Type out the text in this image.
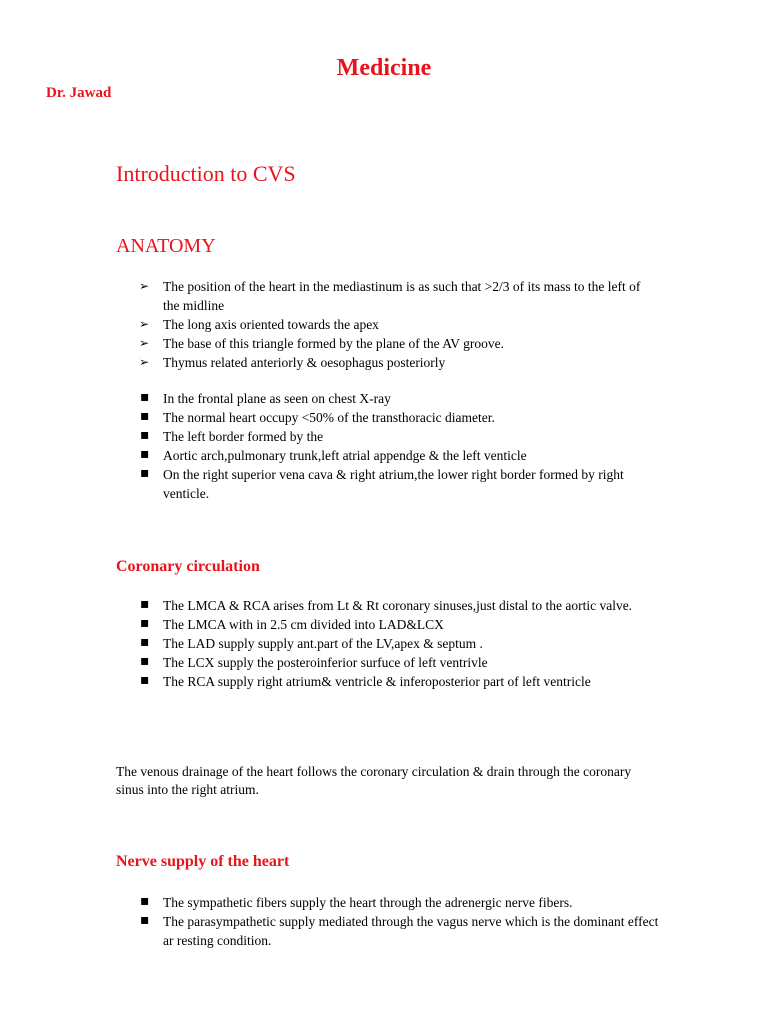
Medicine
Dr. Jawad
Introduction to CVS
ANATOMY
➢ The position of the heart in the mediastinum is as such that >2/3 of its mass to the left of the midline
➢ The long axis oriented towards the apex
➢ The base of this triangle formed by the plane of the AV groove.
➢ Thymus related anteriorly & oesophagus posteriorly
▪ In the frontal plane as seen on chest X-ray
▪ The normal heart occupy <50% of the transthoracic diameter.
▪ The left border formed by the
▪ Aortic arch,pulmonary trunk,left atrial appendge & the left venticle
▪ On the right superior vena cava & right atrium,the lower right border formed by right venticle.
Coronary circulation
▪ The LMCA & RCA arises from Lt & Rt coronary sinuses,just distal to the aortic valve.
▪ The LMCA with in 2.5 cm divided into LAD&LCX
▪ The LAD supply supply ant.part of the LV,apex & septum .
▪ The LCX supply the posteroinferior surfuce of left ventrivle
▪ The RCA supply right atrium& ventricle & inferoposterior part of left ventricle
The venous drainage of the heart follows the coronary circulation & drain through the coronary sinus into the right atrium.
Nerve supply of the heart
▪ The sympathetic fibers supply the heart through the adrenergic nerve fibers.
▪ The parasympathetic supply mediated through the vagus nerve which is the dominant effect ar resting condition.
